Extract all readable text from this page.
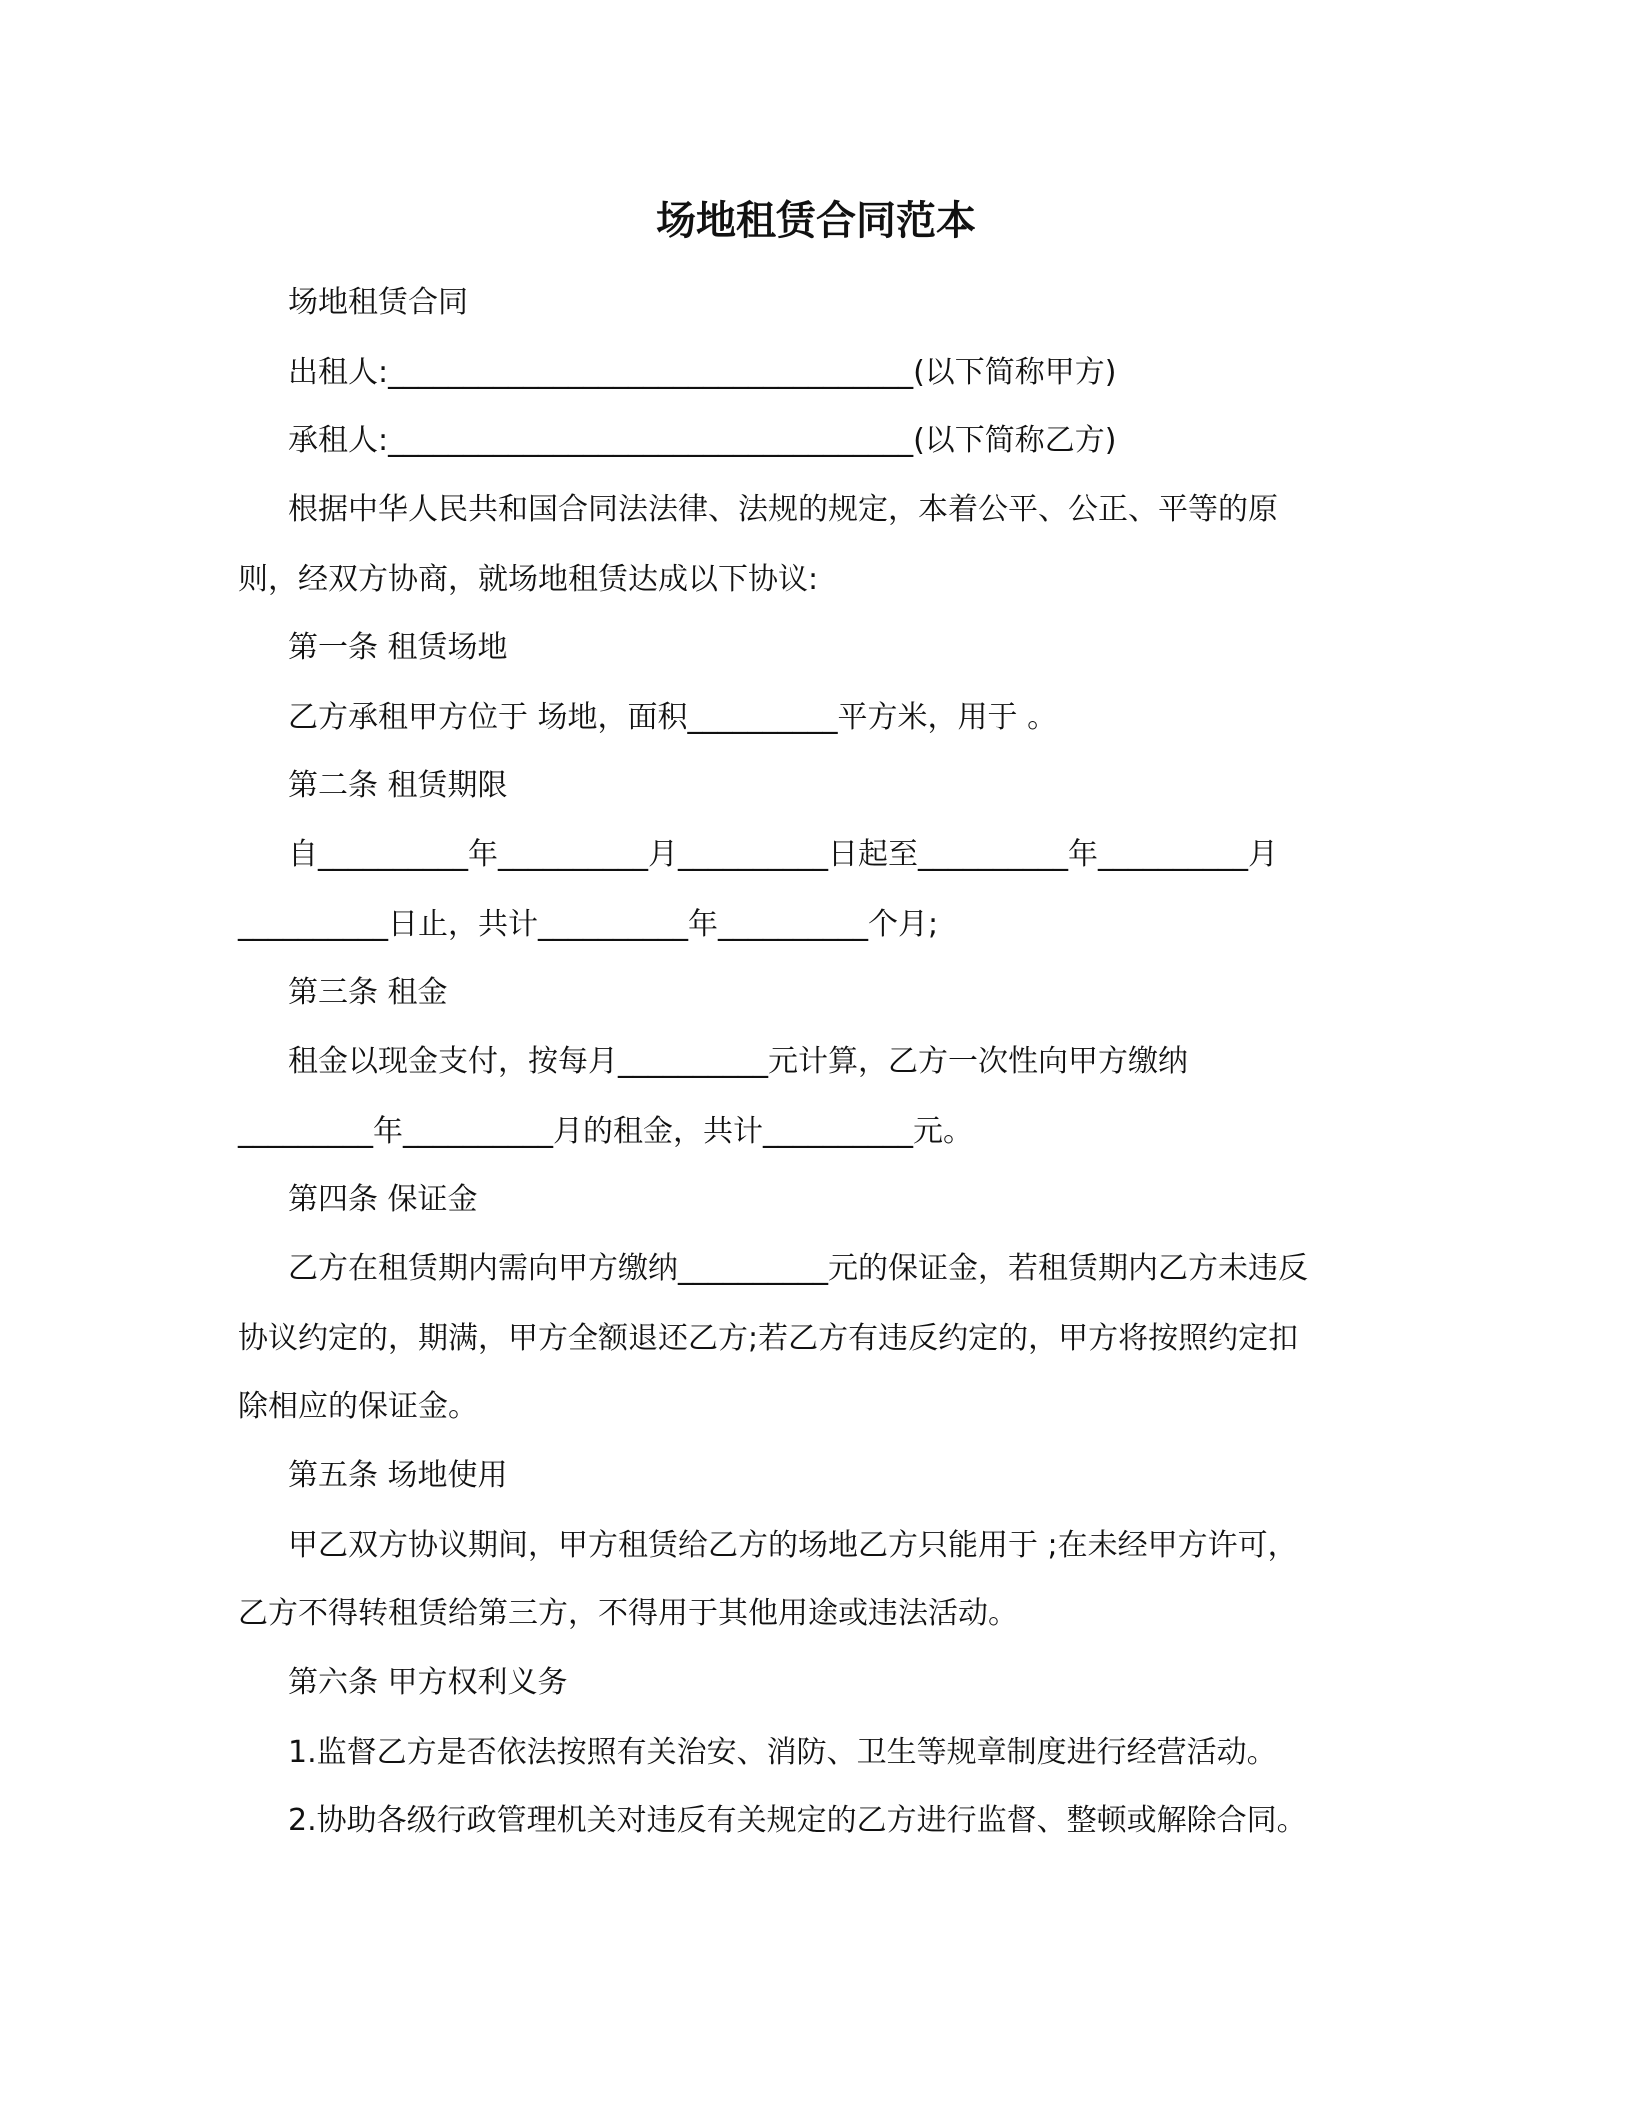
场地租赁合同范本

场地租赁合同

出租人:___________________________________(以下简称甲方)

承租人:___________________________________(以下简称乙方)

根据中华人民共和国合同法法律、法规的规定，本着公平、公正、平等的原

则，经双方协商，就场地租赁达成以下协议:

第一条 租赁场地

乙方承租甲方位于 场地，面积__________平方米，用于 。

第二条 租赁期限

自__________年__________月__________日起至__________年__________月

__________日止，共计__________年__________个月;

第三条 租金

租金以现金支付，按每月__________元计算，乙方一次性向甲方缴纳

_________年__________月的租金，共计__________元。

第四条 保证金

乙方在租赁期内需向甲方缴纳__________元的保证金，若租赁期内乙方未违反

协议约定的，期满，甲方全额退还乙方;若乙方有违反约定的，甲方将按照约定扣

除相应的保证金。

第五条 场地使用

甲乙双方协议期间，甲方租赁给乙方的场地乙方只能用于 ;在未经甲方许可，

乙方不得转租赁给第三方，不得用于其他用途或违法活动。

第六条 甲方权利义务

1.监督乙方是否依法按照有关治安、消防、卫生等规章制度进行经营活动。

2.协助各级行政管理机关对违反有关规定的乙方进行监督、整顿或解除合同。
